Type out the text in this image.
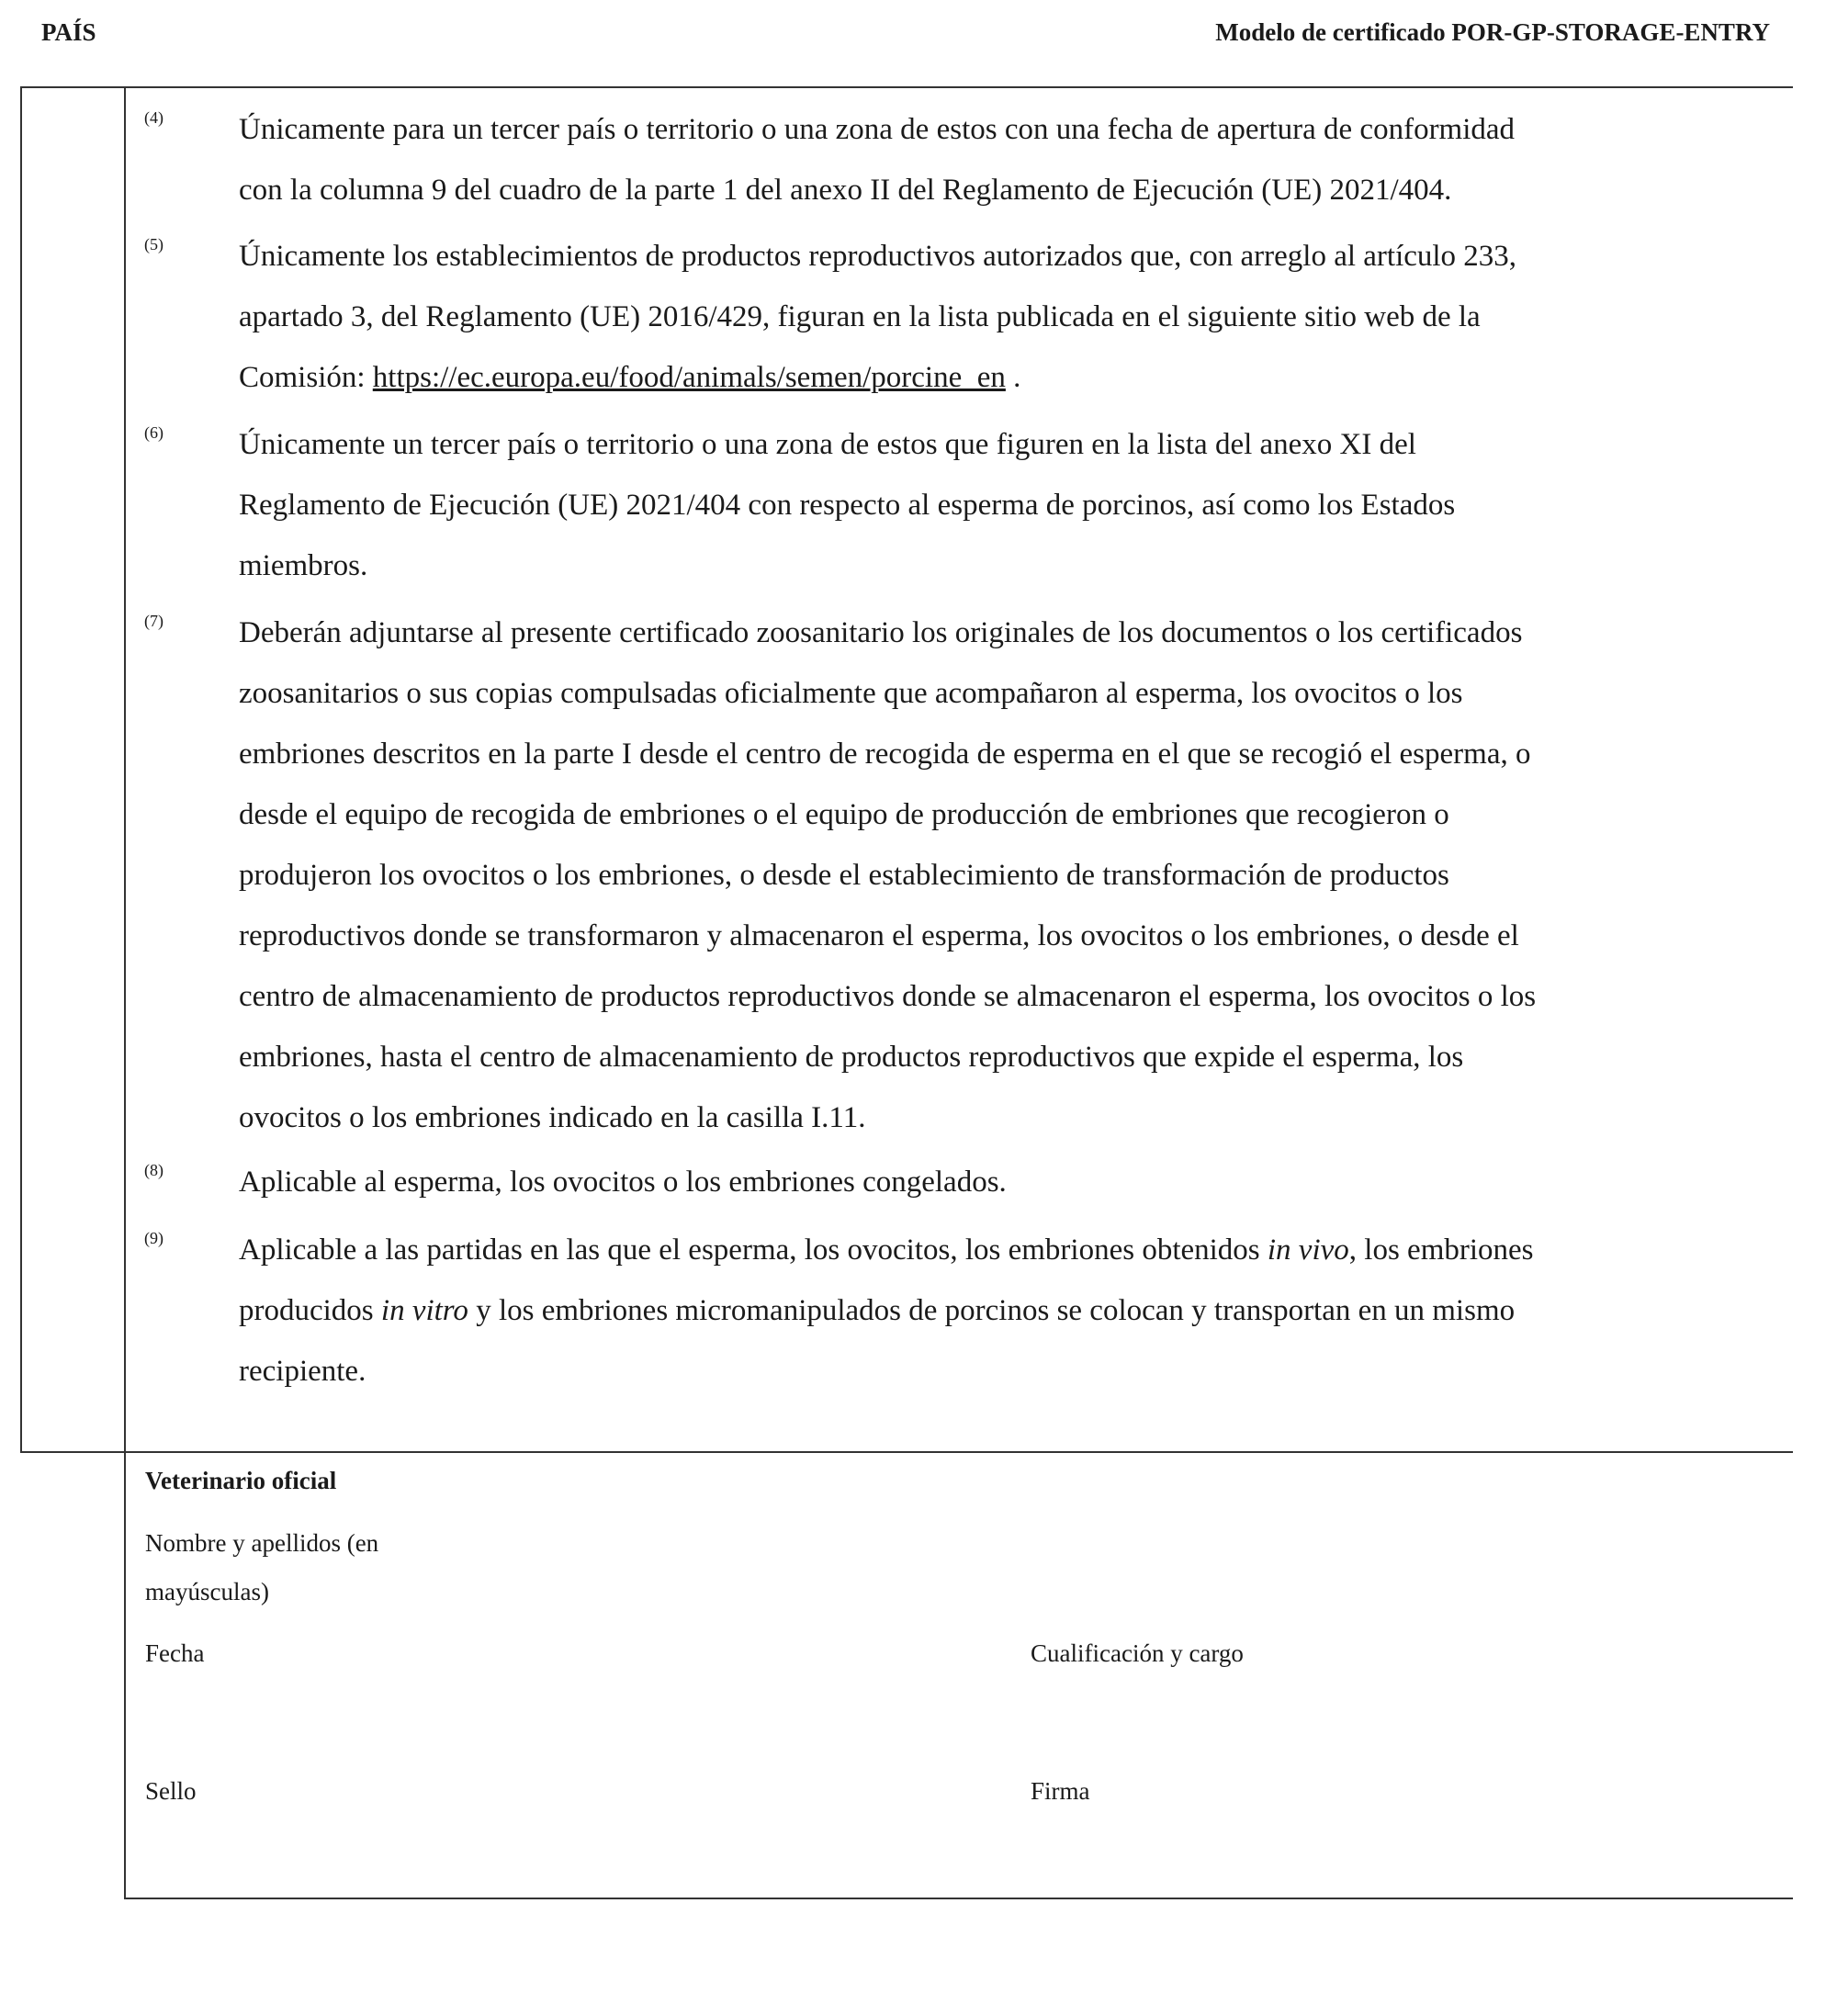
PAÍS	Modelo de certificado POR-GP-STORAGE-ENTRY
(4) Únicamente para un tercer país o territorio o una zona de estos con una fecha de apertura de conformidad
con la columna 9 del cuadro de la parte 1 del anexo II del Reglamento de Ejecución (UE) 2021/404.
(5) Únicamente los establecimientos de productos reproductivos autorizados que, con arreglo al artículo 233,
apartado 3, del Reglamento (UE) 2016/429, figuran en la lista publicada en el siguiente sitio web de la
Comisión: https://ec.europa.eu/food/animals/semen/porcine_en .
(6) Únicamente un tercer país o territorio o una zona de estos que figuren en la lista del anexo XI del
Reglamento de Ejecución (UE) 2021/404 con respecto al esperma de porcinos, así como los Estados
miembros.
(7) Deberán adjuntarse al presente certificado zoosanitario los originales de los documentos o los certificados
zoosanitarios o sus copias compulsadas oficialmente que acompañaron al esperma, los ovocitos o los
embriones descritos en la parte I desde el centro de recogida de esperma en el que se recogió el esperma, o
desde el equipo de recogida de embriones o el equipo de producción de embriones que recogieron o
produjeron los ovocitos o los embriones, o desde el establecimiento de transformación de productos
reproductivos donde se transformaron y almacenaron el esperma, los ovocitos o los embriones, o desde el
centro de almacenamiento de productos reproductivos donde se almacenaron el esperma, los ovocitos o los
embriones, hasta el centro de almacenamiento de productos reproductivos que expide el esperma, los
ovocitos o los embriones indicado en la casilla I.11.
(8) Aplicable al esperma, los ovocitos o los embriones congelados.
(9) Aplicable a las partidas en las que el esperma, los ovocitos, los embriones obtenidos in vivo, los embriones
producidos in vitro y los embriones micromanipulados de porcinos se colocan y transportan en un mismo
recipiente.
Veterinario oficial
Nombre y apellidos (en
mayúsculas)
Fecha	Cualificación y cargo
Sello	Firma
